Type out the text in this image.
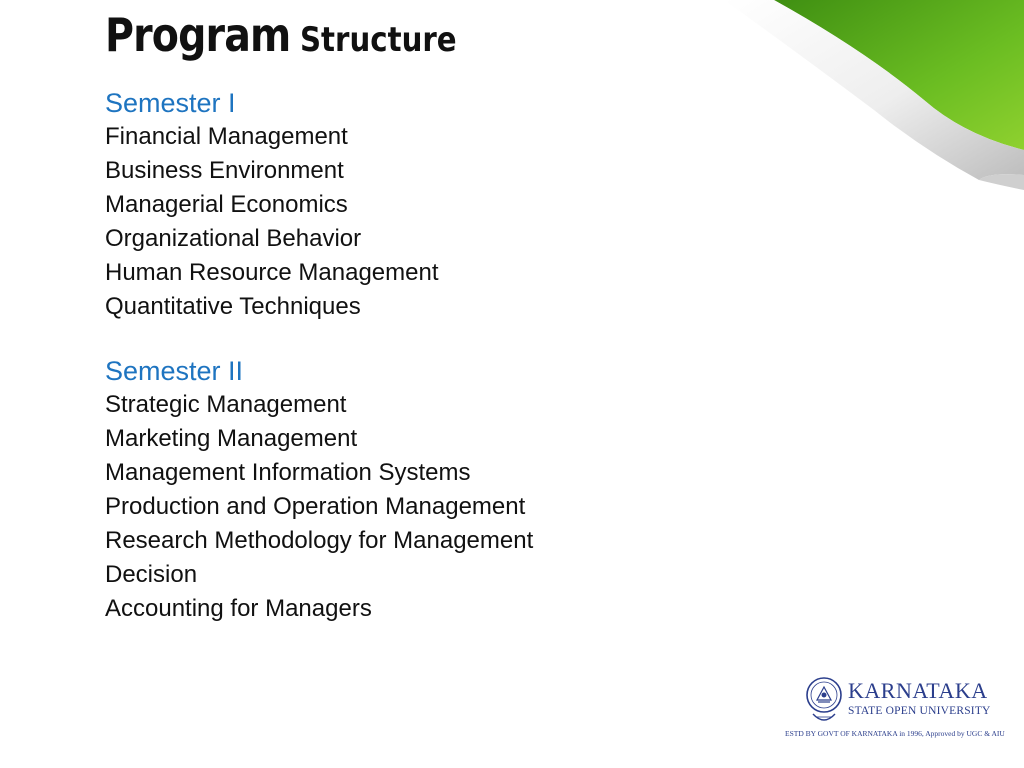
Program Structure
Semester I
Financial Management
Business Environment
Managerial Economics
Organizational Behavior
Human Resource Management
Quantitative Techniques
Semester II
Strategic Management
Marketing Management
Management Information Systems
Production and Operation Management
Research Methodology for Management
Decision
Accounting for Managers
KARNATAKA
STATE OPEN UNIVERSITY
ESTD BY GOVT OF KARNATAKA in 1996, Approved by UGC & AIU
